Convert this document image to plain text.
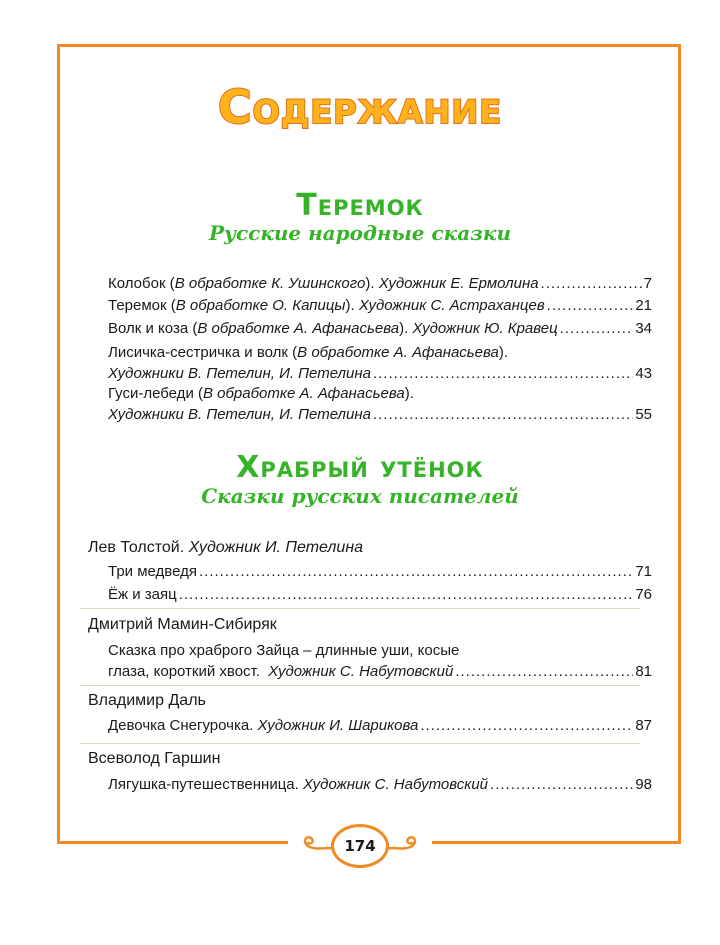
Содержание
Теремок
Русские народные сказки
Колобок (В обработке К. Ушинского). Художник Е. Ермолина .....	7
Теремок (В обработке О. Капицы). Художник С. Астраханцев .....	21
Волк и коза (В обработке А. Афанасьева). Художник Ю. Кравец .....	34
Лисичка-сестричка и волк (В обработке А. Афанасьева).
Художники В. Петелин, И. Петелина .....	43
Гуси-лебеди (В обработке А. Афанасьева).
Художники В. Петелин, И. Петелина .....	55
Храбрый утёнок
Сказки русских писателей
Лев Толстой. Художник И. Петелина
Три медведя .....	71
Ёж и заяц .....	76
Дмитрий Мамин-Сибиряк
Сказка про храброго Зайца – длинные уши, косые
глаза, короткий хвост. Художник С. Набутовский .....	81
Владимир Даль
Девочка Снегурочка. Художник И. Шарикова .....	87
Всеволод Гаршин
Лягушка-путешественница. Художник С. Набутовский .....	98
174
